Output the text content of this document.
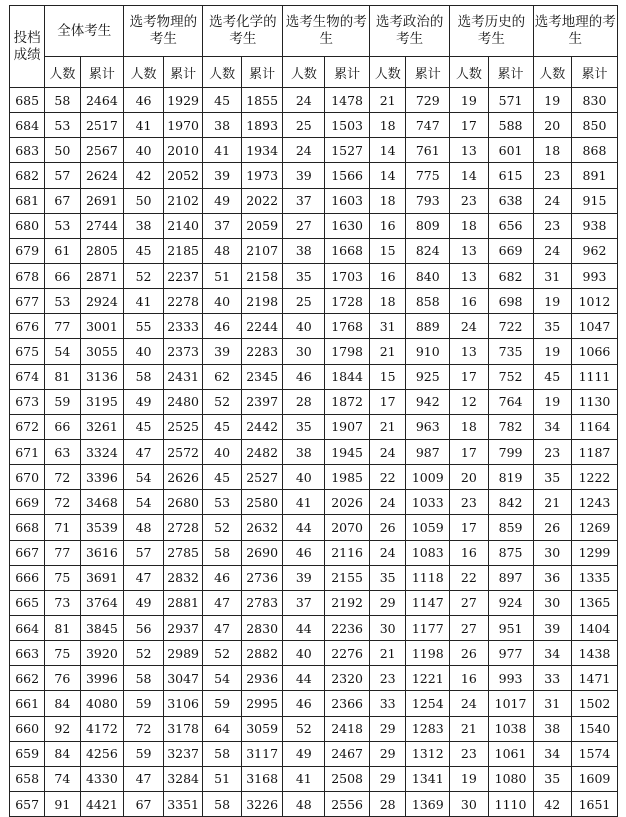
投档成绩	全体考生		选考物理的考生		选考化学的考生		选考生物的考生		选考政治的考生		选考历史的 考生		选考地理的考生	
	人数	累计	人数	累计	人数	累计	人数	累计	人数	累计	人数	累计	人数	累计
685	58	2464	46	1929	45	1855	24	1478	21	729	19	571	19	830
684	53	2517	41	1970	38	1893	25	1503	18	747	17	588	20	850
683	50	2567	40	2010	41	1934	24	1527	14	761	13	601	18	868
682	57	2624	42	2052	39	1973	39	1566	14	775	14	615	23	891
681	67	2691	50	2102	49	2022	37	1603	18	793	23	638	24	915
680	53	2744	38	2140	37	2059	27	1630	16	809	18	656	23	938
679	61	2805	45	2185	48	2107	38	1668	15	824	13	669	24	962
678	66	2871	52	2237	51	2158	35	1703	16	840	13	682	31	993
677	53	2924	41	2278	40	2198	25	1728	18	858	16	698	19	1012
676	77	3001	55	2333	46	2244	40	1768	31	889	24	722	35	1047
675	54	3055	40	2373	39	2283	30	1798	21	910	13	735	19	1066
674	81	3136	58	2431	62	2345	46	1844	15	925	17	752	45	1111
673	59	3195	49	2480	52	2397	28	1872	17	942	12	764	19	1130
672	66	3261	45	2525	45	2442	35	1907	21	963	18	782	34	1164
671	63	3324	47	2572	40	2482	38	1945	24	987	17	799	23	1187
670	72	3396	54	2626	45	2527	40	1985	22	1009	20	819	35	1222
669	72	3468	54	2680	53	2580	41	2026	24	1033	23	842	21	1243
668	71	3539	48	2728	52	2632	44	2070	26	1059	17	859	26	1269
667	77	3616	57	2785	58	2690	46	2116	24	1083	16	875	30	1299
666	75	3691	47	2832	46	2736	39	2155	35	1118	22	897	36	1335
665	73	3764	49	2881	47	2783	37	2192	29	1147	27	924	30	1365
664	81	3845	56	2937	47	2830	44	2236	30	1177	27	951	39	1404
663	75	3920	52	2989	52	2882	40	2276	21	1198	26	977	34	1438
662	76	3996	58	3047	54	2936	44	2320	23	1221	16	993	33	1471
661	84	4080	59	3106	59	2995	46	2366	33	1254	24	1017	31	1502
660	92	4172	72	3178	64	3059	52	2418	29	1283	21	1038	38	1540
659	84	4256	59	3237	58	3117	49	2467	29	1312	23	1061	34	1574
658	74	4330	47	3284	51	3168	41	2508	29	1341	19	1080	35	1609
657	91	4421	67	3351	58	3226	48	2556	28	1369	30	1110	42	1651
